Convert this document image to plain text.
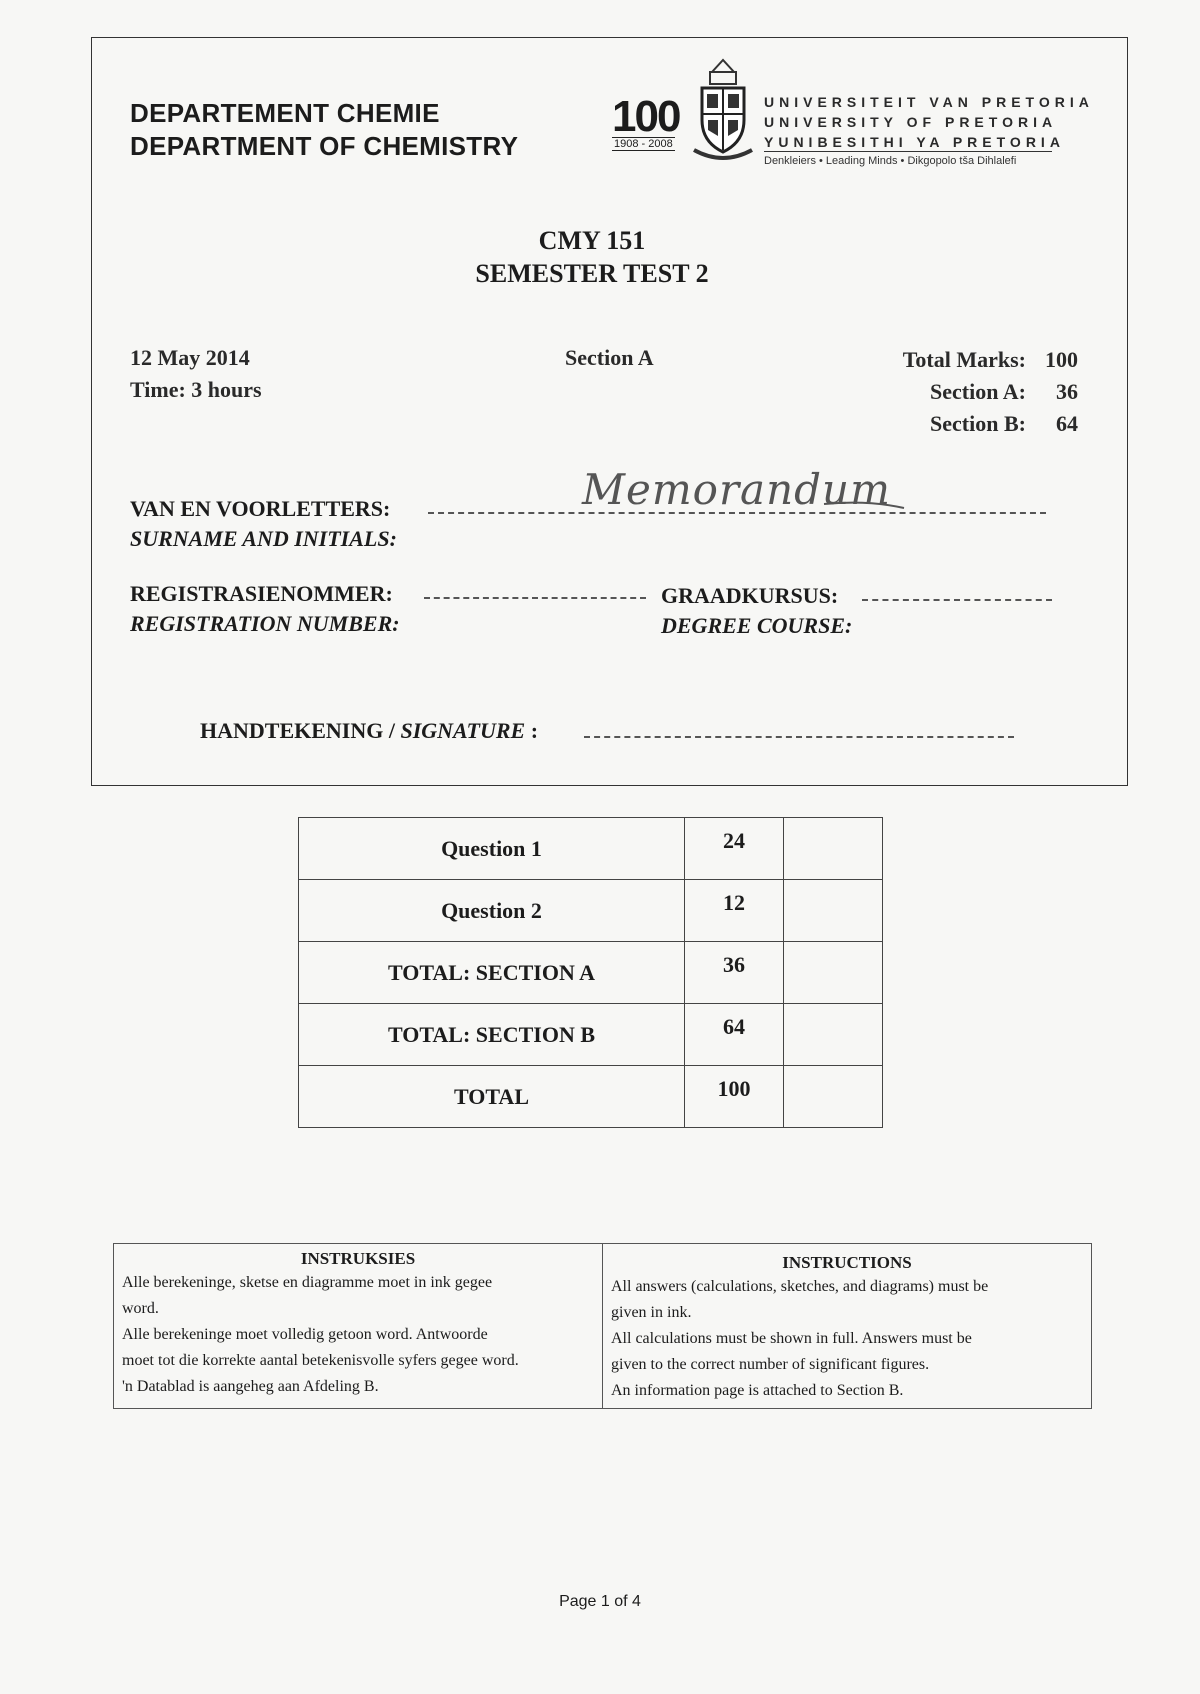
DEPARTEMENT CHEMIE
DEPARTMENT OF CHEMISTRY
100
1908 - 2008
UNIVERSITEIT VAN PRETORIA
UNIVERSITY OF PRETORIA
YUNIBESITHI YA PRETORIA
Denkleiers • Leading Minds • Dikgopolo tša Dihlalefi
CMY 151
SEMESTER TEST 2
12 May 2014
Time: 3 hours
Section A	Total Marks: 100
Section A:	36
Section B:	64
VAN EN VOORLETTERS:
SURNAME AND INITIALS:
Memorandum
REGISTRASIENOMMER:
REGISTRATION NUMBER:
GRAADKURSUS:
DEGREE COURSE:
HANDTEKENING / SIGNATURE :
Question 1	24	
Question 2	12	
TOTAL: SECTION A	36	
TOTAL: SECTION B	64	
TOTAL	100	
INSTRUKSIES
Alle berekeninge, sketse en diagramme moet in ink gegee
word.
Alle berekeninge moet volledig getoon word. Antwoorde
moet tot die korrekte aantal betekenisvolle syfers gegee word.
'n Datablad is aangeheg aan Afdeling B.

INSTRUCTIONS
All answers (calculations, sketches, and diagrams) must be
given in ink.
All calculations must be shown in full. Answers must be
given to the correct number of significant figures.
An information page is attached to Section B.
Page 1 of 4
